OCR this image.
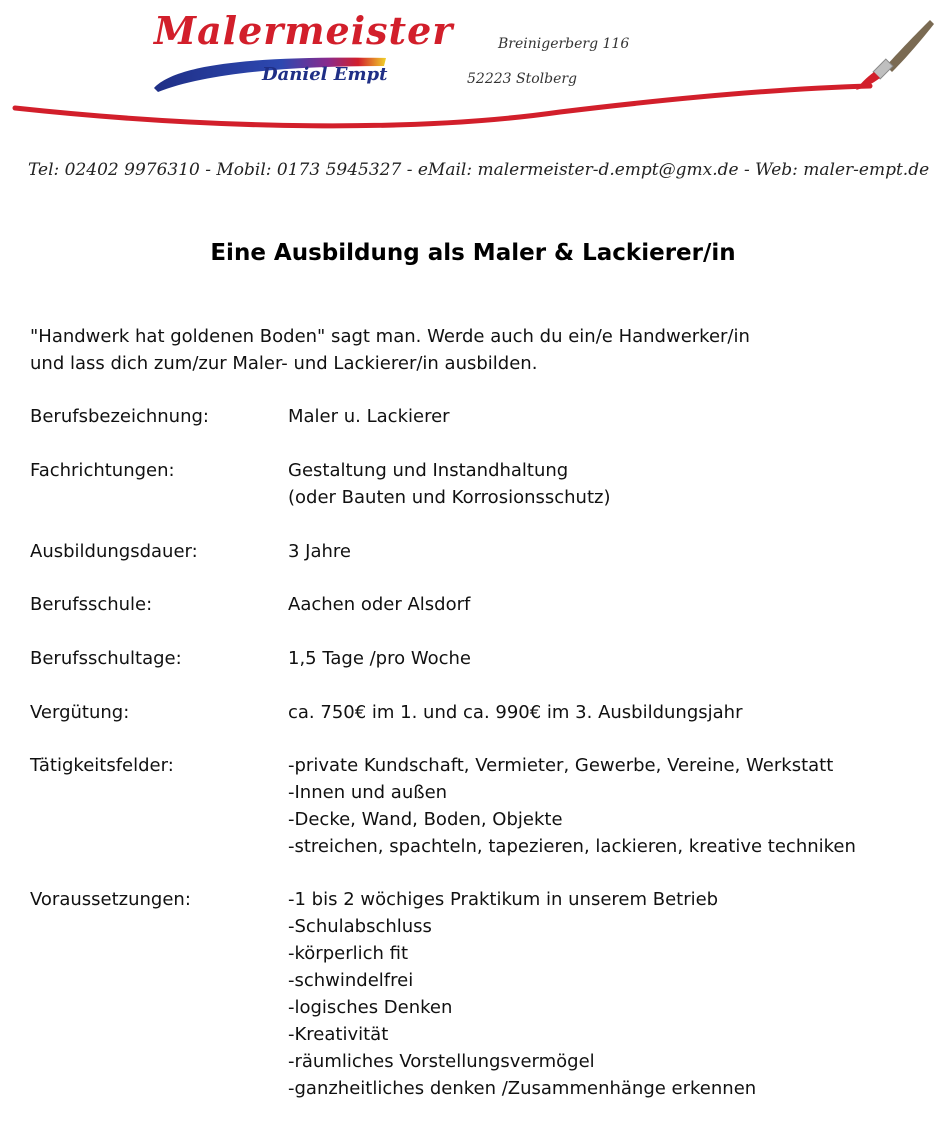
Malermeister
Daniel Empt
Breinigerberg 116
52223 Stolberg
Tel: 02402 9976310 - Mobil: 0173 5945327 - eMail: malermeister-d.empt@gmx.de - Web: maler-empt.de
Eine Ausbildung als Maler & Lackierer/in
"Handwerk hat goldenen Boden" sagt man. Werde auch du ein/e Handwerker/in
und lass dich zum/zur Maler- und Lackierer/in ausbilden.
Berufsbezeichnung:	Maler u. Lackierer
Fachrichtungen:	Gestaltung und Instandhaltung
(oder Bauten und Korrosionsschutz)
Ausbildungsdauer:	3 Jahre
Berufsschule:	Aachen oder Alsdorf
Berufsschultage:	1,5 Tage /pro Woche
Vergütung:	ca. 750€ im 1. und ca. 990€ im 3. Ausbildungsjahr
Tätigkeitsfelder:	-private Kundschaft, Vermieter, Gewerbe, Vereine, Werkstatt
-Innen und außen
-Decke, Wand, Boden, Objekte
-streichen, spachteln, tapezieren, lackieren, kreative techniken
Voraussetzungen:	-1 bis 2 wöchiges Praktikum in unserem Betrieb
-Schulabschluss
-körperlich fit
-schwindelfrei
-logisches Denken
-Kreativität
-räumliches Vorstellungsvermögel
-ganzheitliches denken /Zusammenhänge erkennen
